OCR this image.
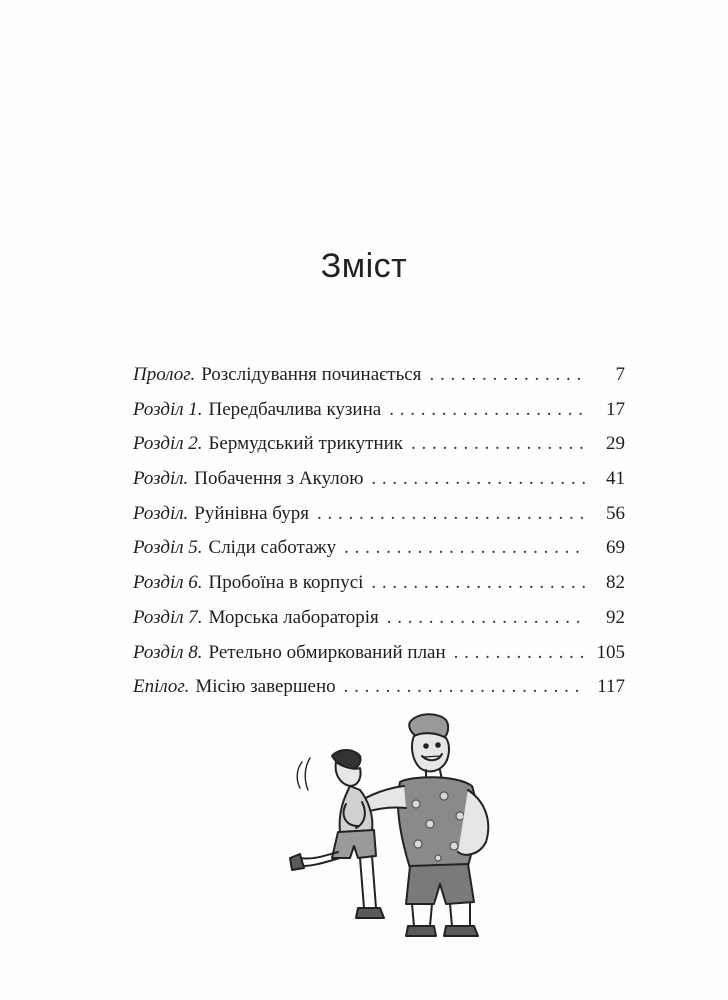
Зміст
Пролог. Розслідування починається . . .	7
Розділ 1. Передбачлива кузина . . .	17
Розділ 2. Бермудський трикутник . . .	29
Розділ. Побачення з Акулою . . .	41
Розділ. Руйнівна буря . . .	56
Розділ 5. Сліди саботажу . . .	69
Розділ 6. Пробоїна в корпусі . . .	82
Розділ 7. Морська лабораторія . . .	92
Розділ 8. Ретельно обмиркований план . . .	105
Епілог. Місію завершено . . .	117
